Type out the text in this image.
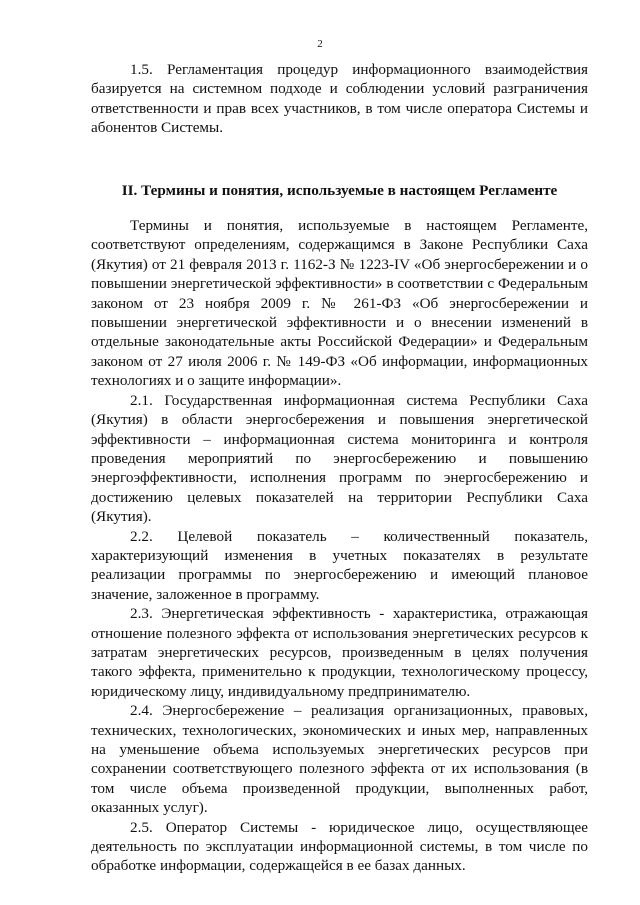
2

1.5. Регламентация процедур информационного взаимодействия базируется на системном подходе и соблюдении условий разграничения ответственности и прав всех участников, в том числе оператора Системы и абонентов Системы.

II. Термины и понятия, используемые в настоящем Регламенте

Термины и понятия, используемые в настоящем Регламенте, соответствуют определениям, содержащимся в Законе Республики Саха (Якутия) от 21 февраля 2013 г. 1162-З № 1223-IV «Об энергосбережении и о повышении энергетической эффективности» в соответствии с Федеральным законом от 23 ноября 2009 г. № 261-ФЗ «Об энергосбережении и повышении энергетической эффективности и о внесении изменений в отдельные законодательные акты Российской Федерации» и Федеральным законом от 27 июля 2006 г. № 149-ФЗ «Об информации, информационных технологиях и о защите информации».

2.1. Государственная информационная система Республики Саха (Якутия) в области энергосбережения и повышения энергетической эффективности – информационная система мониторинга и контроля проведения мероприятий по энергосбережению и повышению энергоэффективности, исполнения программ по энергосбережению и достижению целевых показателей на территории Республики Саха (Якутия).

2.2. Целевой показатель – количественный показатель, характеризующий изменения в учетных показателях в результате реализации программы по энергосбережению и имеющий плановое значение, заложенное в программу.

2.3. Энергетическая эффективность - характеристика, отражающая отношение полезного эффекта от использования энергетических ресурсов к затратам энергетических ресурсов, произведенным в целях получения такого эффекта, применительно к продукции, технологическому процессу, юридическому лицу, индивидуальному предпринимателю.

2.4. Энергосбережение – реализация организационных, правовых, технических, технологических, экономических и иных мер, направленных на уменьшение объема используемых энергетических ресурсов при сохранении соответствующего полезного эффекта от их использования (в том числе объема произведенной продукции, выполненных работ, оказанных услуг).

2.5. Оператор Системы - юридическое лицо, осуществляющее деятельность по эксплуатации информационной системы, в том числе по обработке информации, содержащейся в ее базах данных.
